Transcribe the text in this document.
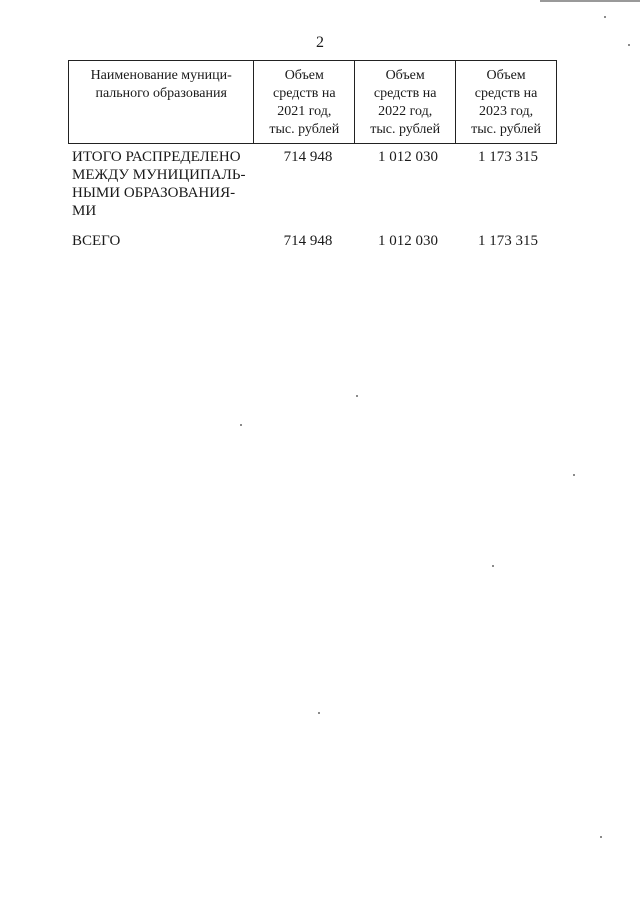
2
Наименование муници-
пального образования	Объем
средств на
2021 год,
тыс. рублей	Объем
средств на
2022 год,
тыс. рублей	Объем
средств на
2023 год,
тыс. рублей
ИТОГО РАСПРЕДЕЛЕНО
МЕЖДУ МУНИЦИПАЛЬ-
НЫМИ ОБРАЗОВАНИЯ-
МИ
714 948	1 012 030	1 173 315
ВСЕГО	714 948	1 012 030	1 173 315
